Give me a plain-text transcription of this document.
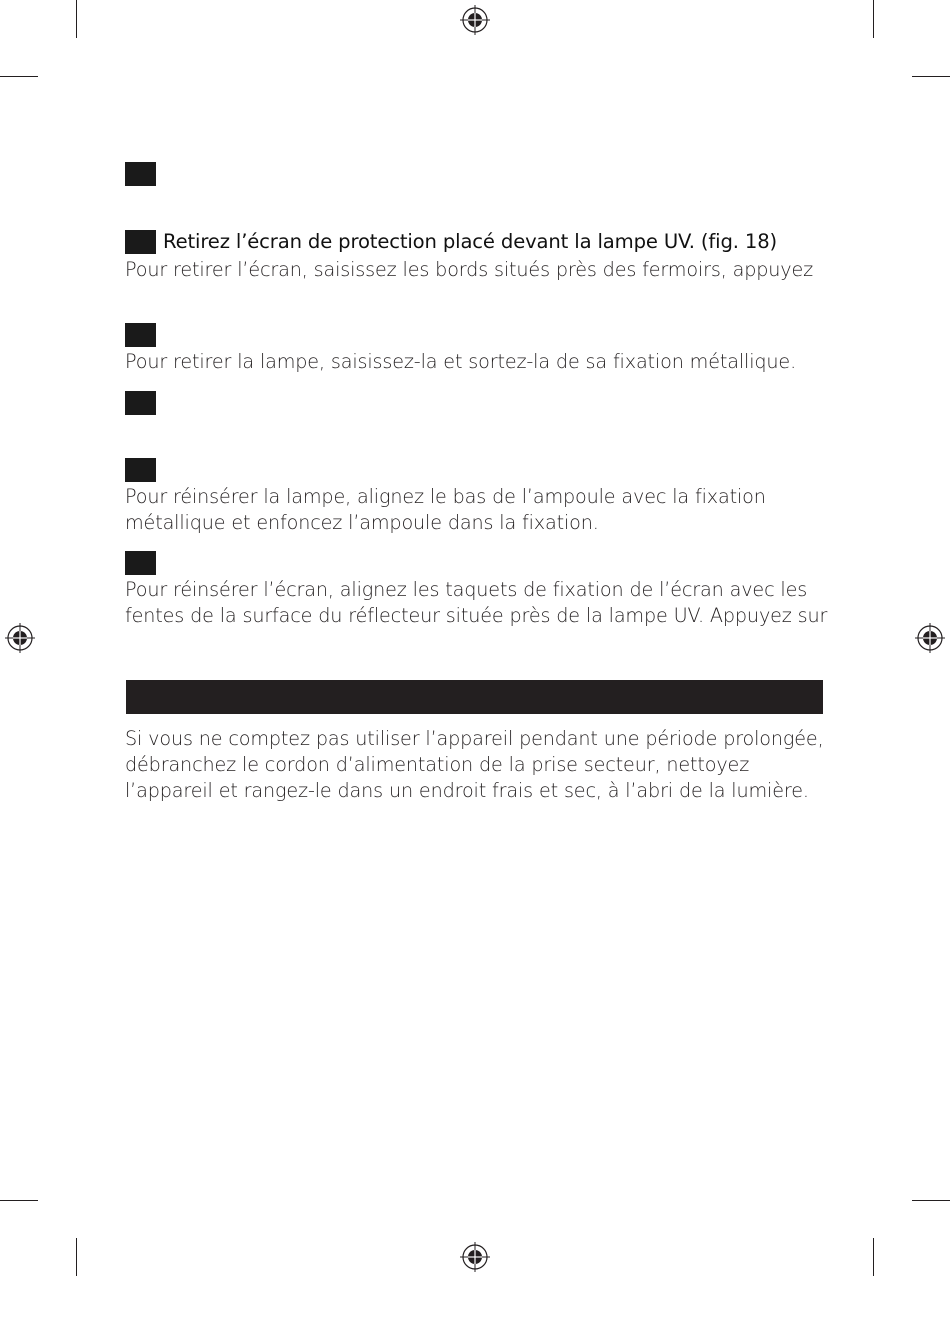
Retirez l’écran de protection placé devant la lampe UV. (fig. 18)
Pour retirer l’écran, saisissez les bords situés près des fermoirs, appuyez
Pour retirer la lampe, saisissez-la et sortez-la de sa fixation métallique.
Pour réinsérer la lampe, alignez le bas de l’ampoule avec la fixation
métallique et enfoncez l’ampoule dans la fixation.
Pour réinsérer l’écran, alignez les taquets de fixation de l’écran avec les
fentes de la surface du réflecteur située près de la lampe UV. Appuyez sur
Si vous ne comptez pas utiliser l’appareil pendant une période prolongée,
débranchez le cordon d’alimentation de la prise secteur, nettoyez
l’appareil et rangez-le dans un endroit frais et sec, à l’abri de la lumière.
